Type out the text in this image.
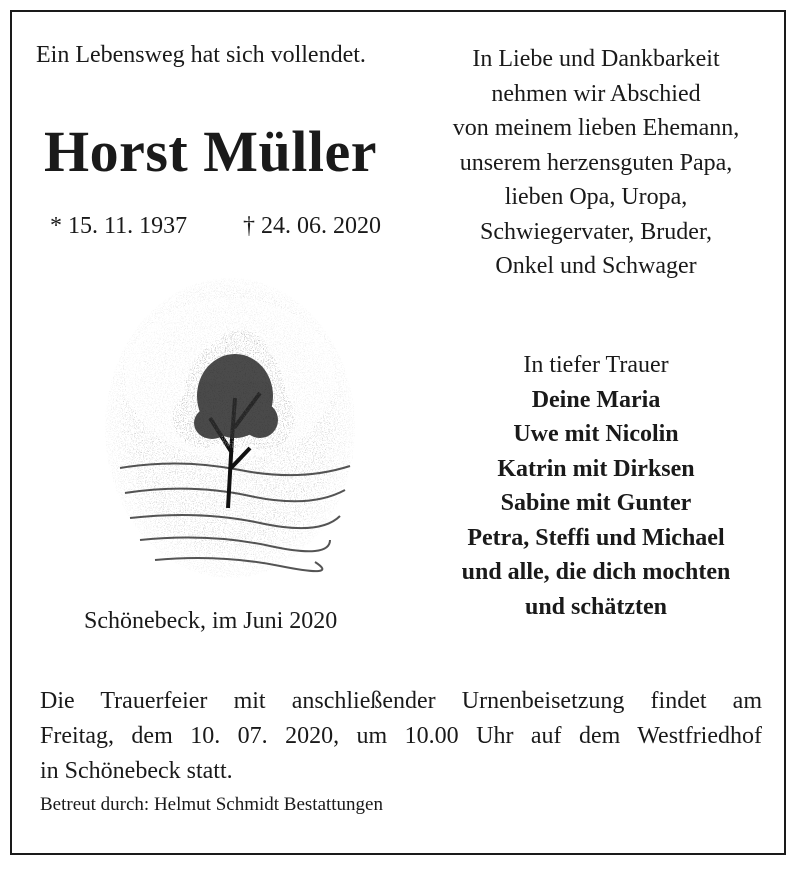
Ein Lebensweg hat sich vollendet.
Horst Müller
* 15. 11. 1937 † 24. 06. 2020
In Liebe und Dankbarkeit
nehmen wir Abschied
von meinem lieben Ehemann,
unserem herzensguten Papa,
lieben Opa, Uropa,
Schwiegervater, Bruder,
Onkel und Schwager
In tiefer Trauer
Deine Maria
Uwe mit Nicolin
Katrin mit Dirksen
Sabine mit Gunter
Petra, Steffi und Michael
und alle, die dich mochten
und schätzten
Schönebeck, im Juni 2020
Die Trauerfeier mit anschließender Urnenbeisetzung findet am
Freitag, dem 10. 07. 2020, um 10.00 Uhr auf dem Westfriedhof
in Schönebeck statt.
Betreut durch: Helmut Schmidt Bestattungen
